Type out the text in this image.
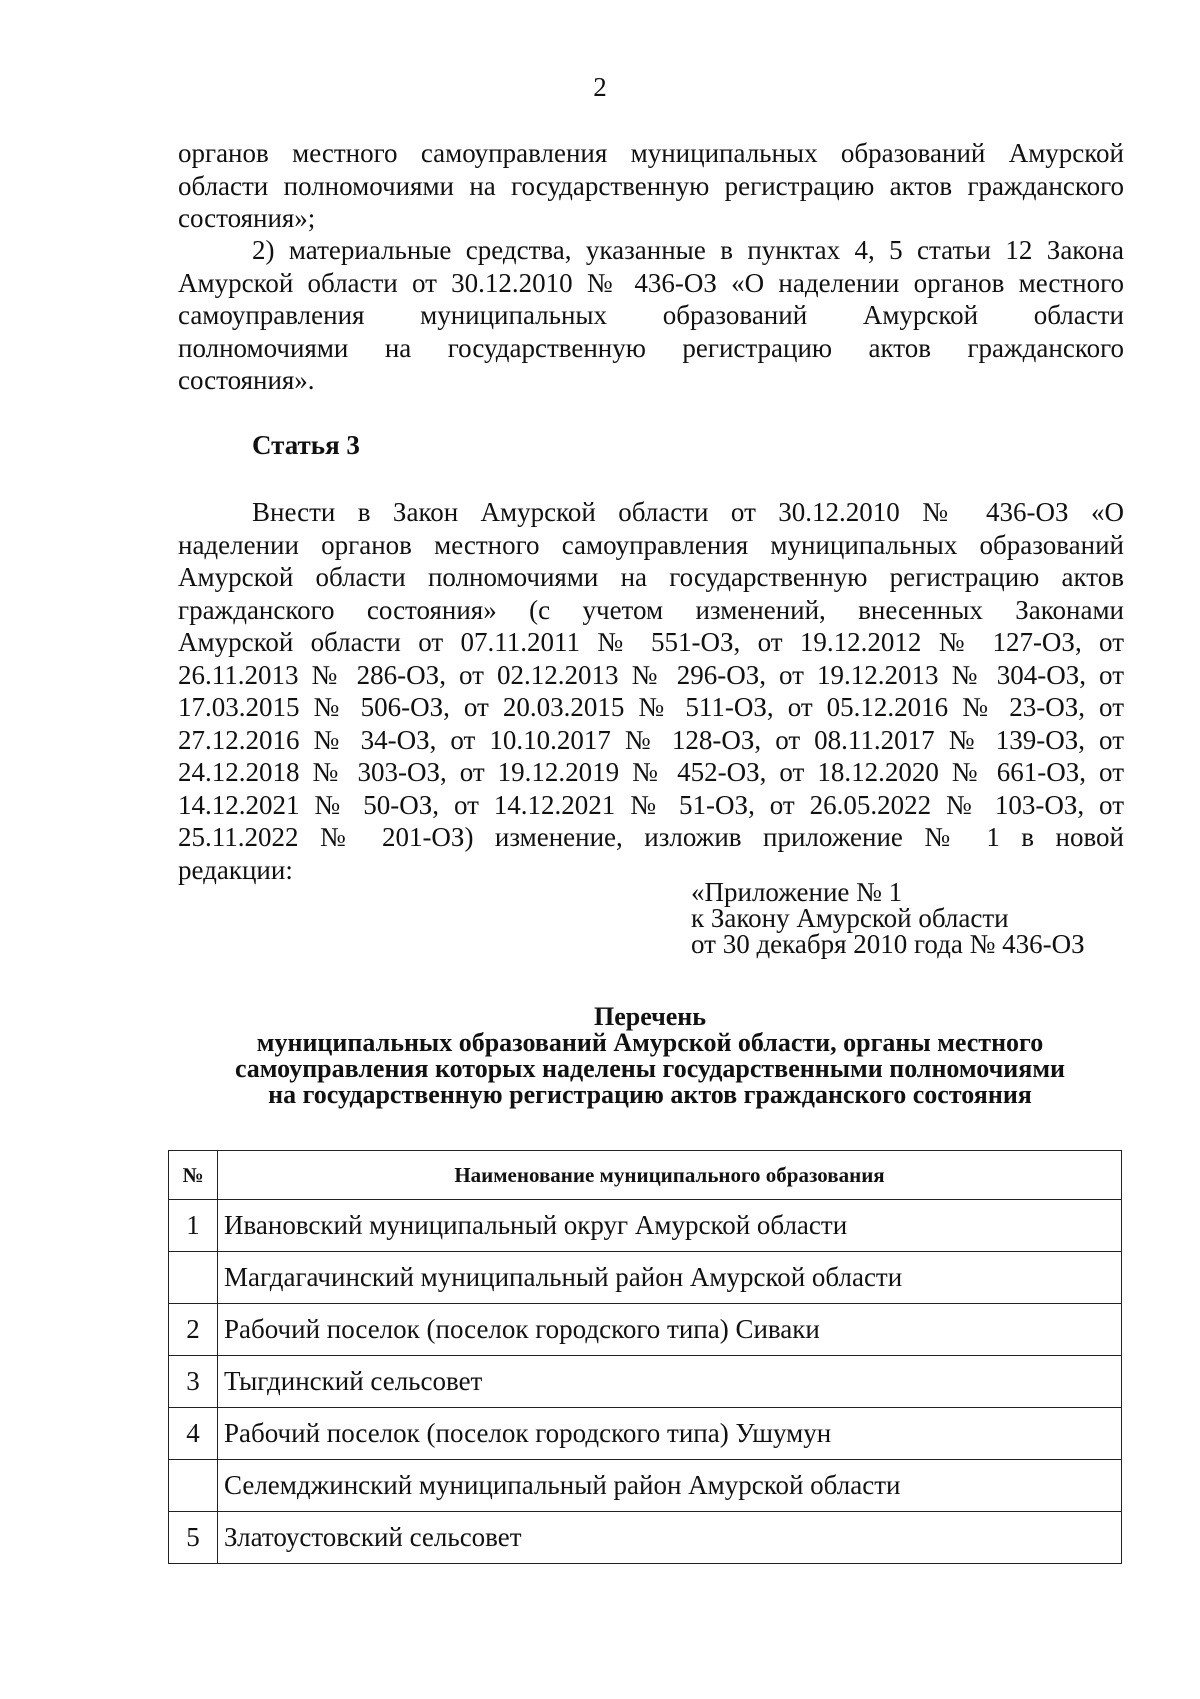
2
органов местного самоуправления муниципальных образований Амурской
области полномочиями на государственную регистрацию актов гражданского
состояния»;
2) материальные средства, указанные в пунктах 4, 5 статьи 12 Закона
Амурской области от 30.12.2010 № 436-ОЗ «О наделении органов местного
самоуправления муниципальных образований Амурской области
полномочиями на государственную регистрацию актов гражданского
состояния».
Статья 3
Внести в Закон Амурской области от 30.12.2010 № 436-ОЗ «О
наделении органов местного самоуправления муниципальных образований
Амурской области полномочиями на государственную регистрацию актов
гражданского состояния» (с учетом изменений, внесенных Законами
Амурской области от 07.11.2011 № 551-ОЗ, от 19.12.2012 № 127-ОЗ, от
26.11.2013 № 286-ОЗ, от 02.12.2013 № 296-ОЗ, от 19.12.2013 № 304-ОЗ, от
17.03.2015 № 506-ОЗ, от 20.03.2015 № 511-ОЗ, от 05.12.2016 № 23-ОЗ, от
27.12.2016 № 34-ОЗ, от 10.10.2017 № 128-ОЗ, от 08.11.2017 № 139-ОЗ, от
24.12.2018 № 303-ОЗ, от 19.12.2019 № 452-ОЗ, от 18.12.2020 № 661-ОЗ, от
14.12.2021 № 50-ОЗ, от 14.12.2021 № 51-ОЗ, от 26.05.2022 № 103-ОЗ, от
25.11.2022 № 201-ОЗ) изменение, изложив приложение № 1 в новой
редакции:
«Приложение № 1
к Закону Амурской области
от 30 декабря 2010 года № 436-ОЗ
Перечень
муниципальных образований Амурской области, органы местного
самоуправления которых наделены государственными полномочиями
на государственную регистрацию актов гражданского состояния
№	Наименование муниципального образования
1	Ивановский муниципальный округ Амурской области
	Магдагачинский муниципальный район Амурской области
2	Рабочий поселок (поселок городского типа) Сиваки
3	Тыгдинский сельсовет
4	Рабочий поселок (поселок городского типа) Ушумун
	Селемджинский муниципальный район Амурской области
5	Златоустовский сельсовет
